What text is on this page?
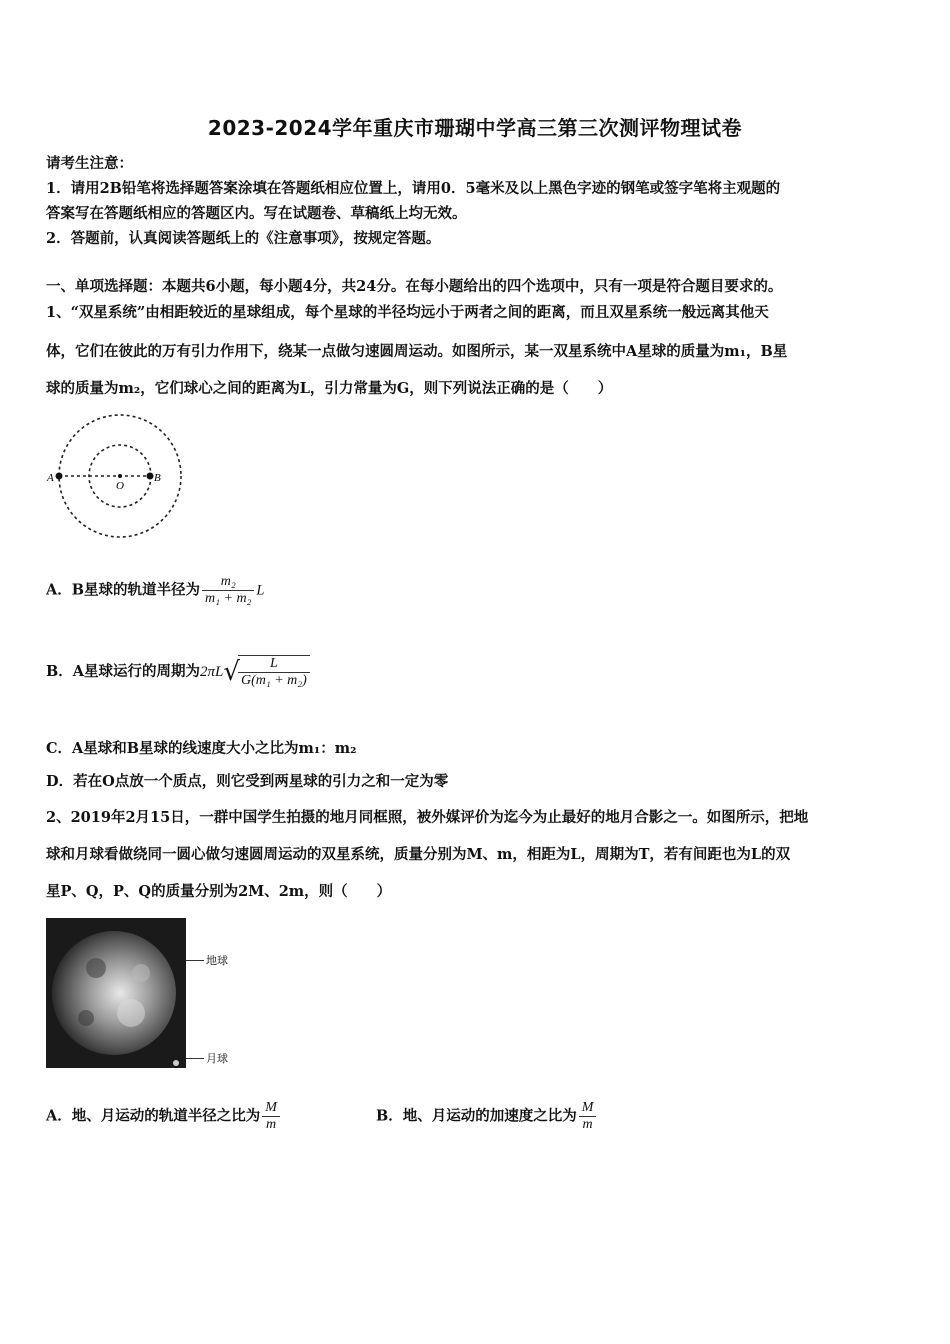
2023-2024学年重庆市珊瑚中学高三第三次测评物理试卷
请考生注意：
1．请用2B铅笔将选择题答案涂填在答题纸相应位置上，请用0．5毫米及以上黑色字迹的钢笔或签字笔将主观题的
答案写在答题纸相应的答题区内。写在试题卷、草稿纸上均无效。
2．答题前，认真阅读答题纸上的《注意事项》，按规定答题。
一、单项选择题：本题共6小题，每小题4分，共24分。在每小题给出的四个选项中，只有一项是符合题目要求的。
1、“双星系统”由相距较近的星球组成，每个星球的半径均远小于两者之间的距离，而且双星系统一般远离其他天
体，它们在彼此的万有引力作用下，绕某一点做匀速圆周运动。如图所示，某一双星系统中A星球的质量为m₁，B星
球的质量为m₂，它们球心之间的距离为L，引力常量为G，则下列说法正确的是（　　）
A
O
B
A．B星球的轨道半径为 $\frac{\text{m₂}}{\text{m₁ + m₂}}$ L
B．A星球运行的周期为2πL√
$\frac{L}{\text{G(m₁ + m₂)}}$
C．A星球和B星球的线速度大小之比为m₁：m₂
D．若在O点放一个质点，则它受到两星球的引力之和一定为零
2、2019年2月15日，一群中国学生拍摄的地月同框照，被外媒评价为迄今为止最好的地月合影之一。如图所示，把地
球和月球看做绕同一圆心做匀速圆周运动的双星系统，质量分别为M、m，相距为L，周期为T，若有间距也为L的双
星P、Q，P、Q的质量分别为2M、2m，则（　　）
地球
月球
A．地、月运动的轨道半径之比为 $\frac{M}{m}$	B．地、月运动的加速度之比为 $\frac{M}{m}$
